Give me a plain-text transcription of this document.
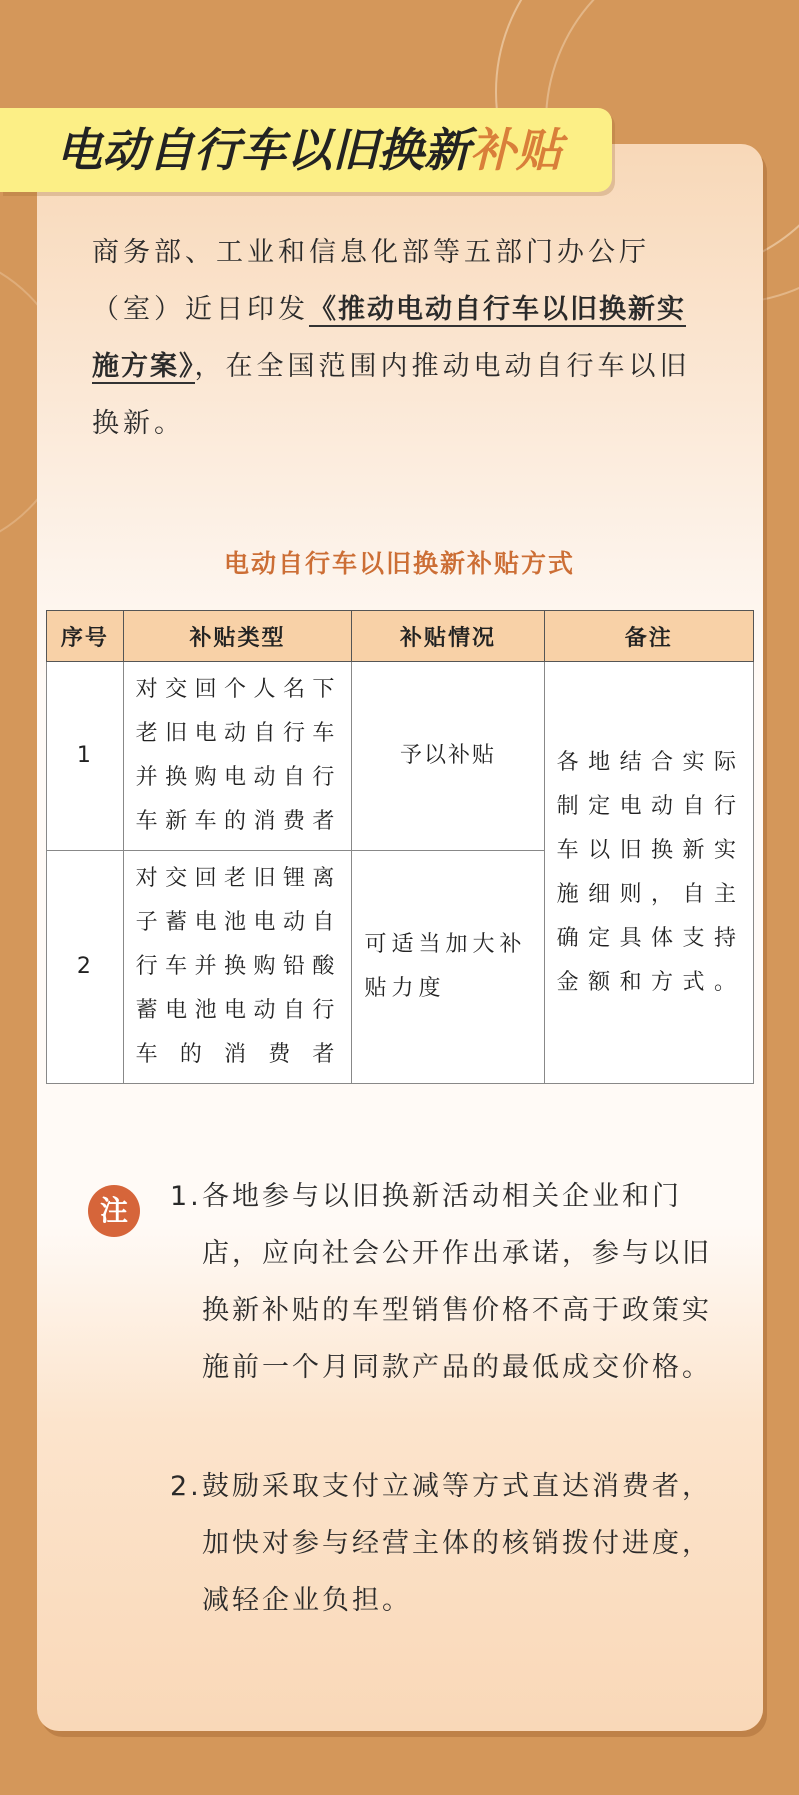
电动自行车以旧换新补贴
商务部、工业和信息化部等五部门办公厅（室）近日印发《推动电动自行车以旧换新实施方案》，在全国范围内推动电动自行车以旧换新。
电动自行车以旧换新补贴方式
序号	补贴类型	补贴情况	备注
1	对交回个人名下老旧电动自行车并换购电动自行车新车的消费者	予以补贴	各地结合实际制定电动自行车以旧换新实施细则，自主确定具体支持金额和方式。
2	对交回老旧锂离子蓄电池电动自行车并换购铅酸蓄电池电动自行车的消费者	可适当加大补贴力度	
注	1. 各地参与以旧换新活动相关企业和门店，应向社会公开作出承诺，参与以旧换新补贴的车型销售价格不高于政策实施前一个月同款产品的最低成交价格。
2. 鼓励采取支付立减等方式直达消费者，加快对参与经营主体的核销拨付进度，减轻企业负担。
